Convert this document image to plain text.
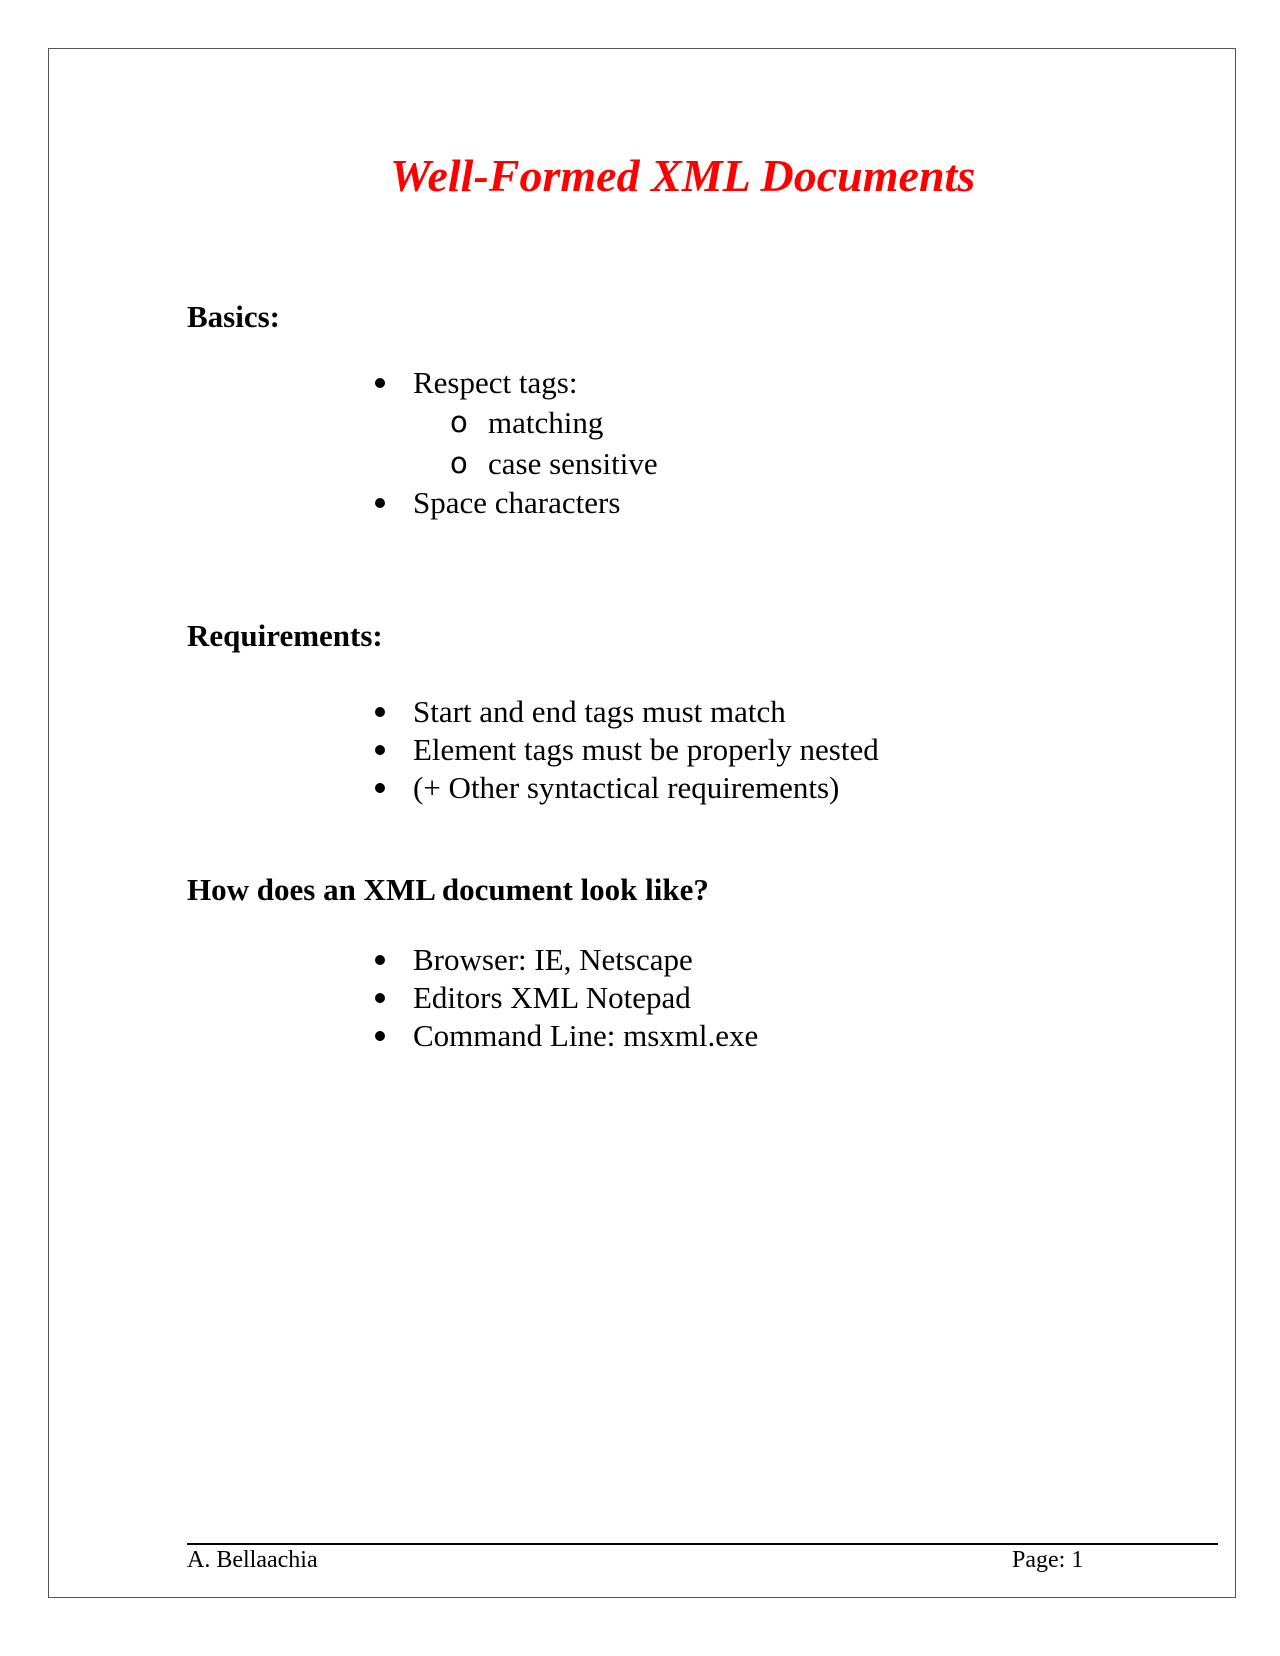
Well-Formed XML Documents
Basics:
Respect tags:
o matching
o case sensitive
Space characters
Requirements:
Start and end tags must match
Element tags must be properly nested
(+ Other syntactical requirements)
How does an XML document look like?
Browser: IE, Netscape
Editors XML Notepad
Command Line: msxml.exe
A. Bellaachia	Page: 1
